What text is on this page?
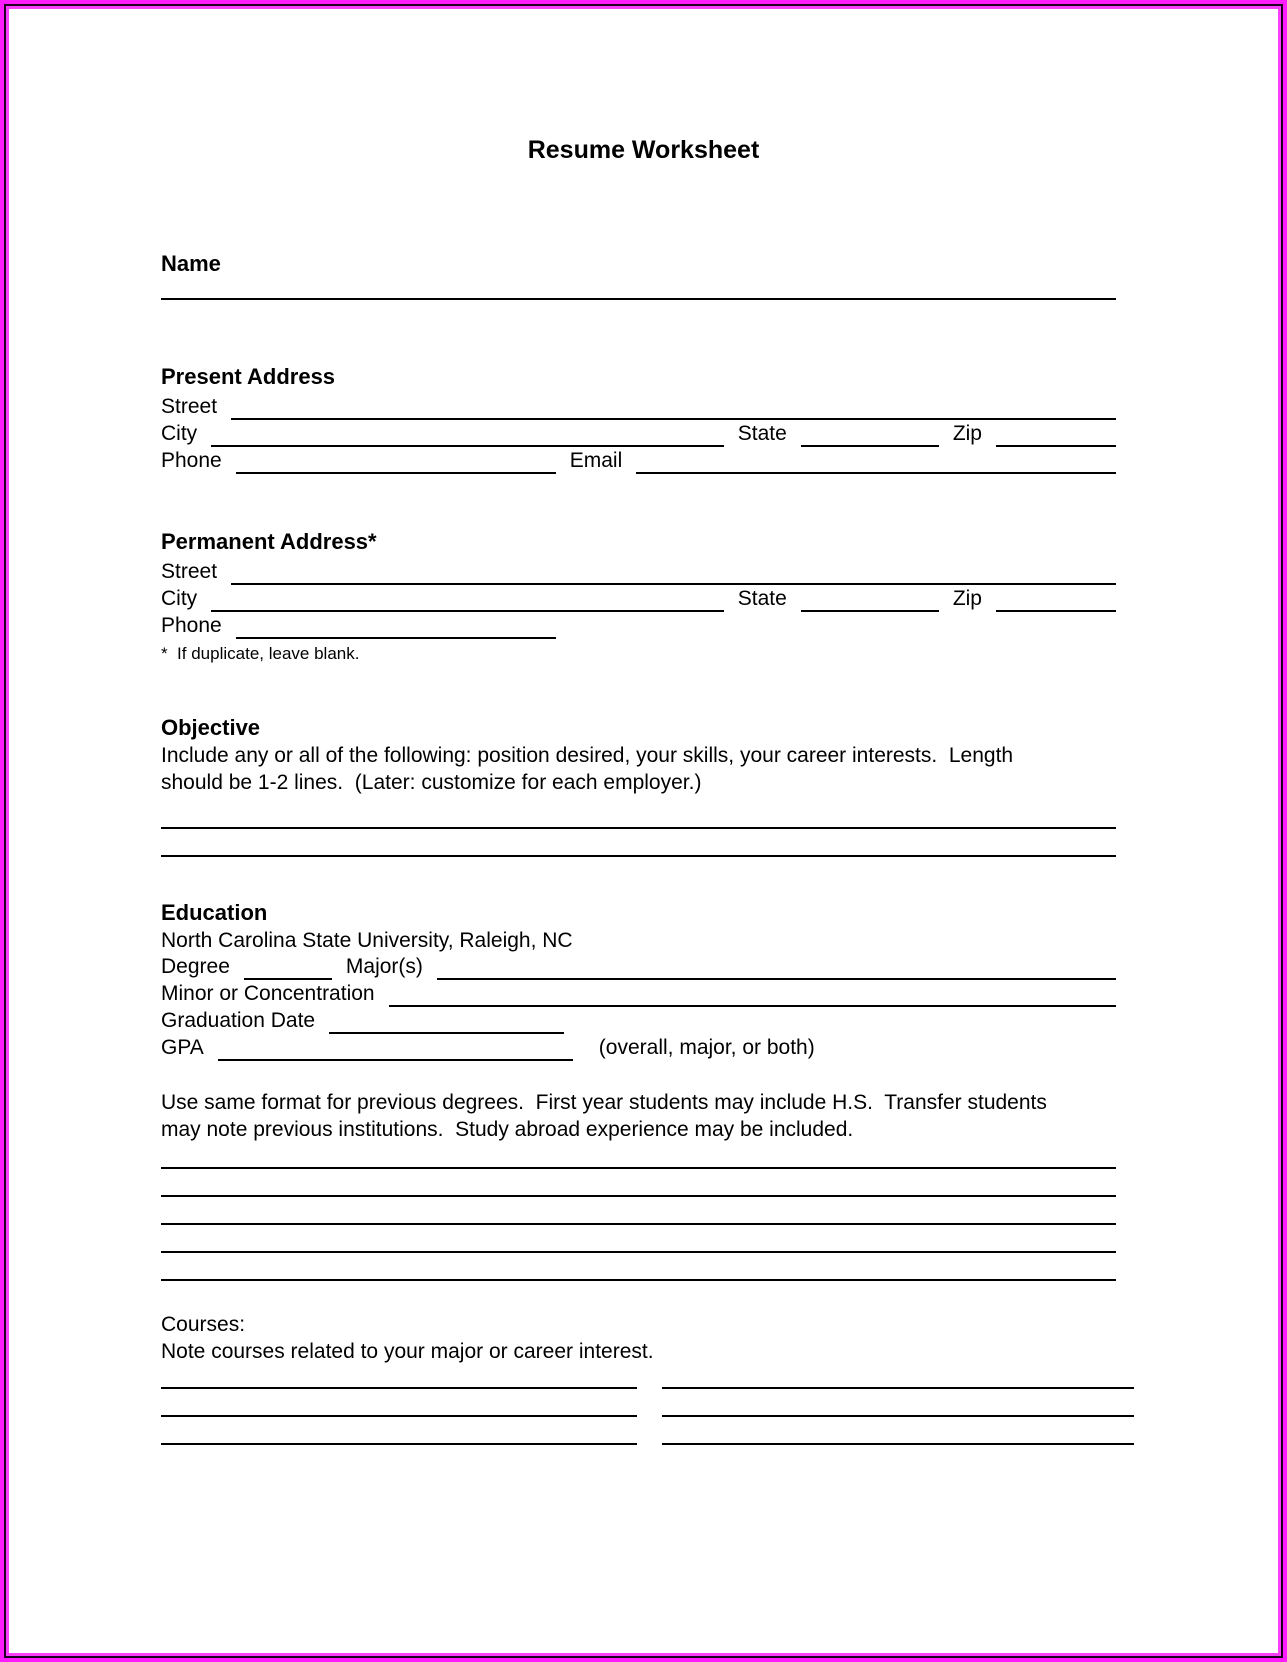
Resume Worksheet
Name
Present Address
Street
City	State	Zip
Phone	Email
Permanent Address*
Street
City	State	Zip
Phone
*  If duplicate, leave blank.
Objective
Include any or all of the following: position desired, your skills, your career interests.  Length
should be 1-2 lines.  (Later: customize for each employer.)
Education
North Carolina State University, Raleigh, NC
Degree	Major(s)
Minor or Concentration
Graduation Date
GPA	(overall, major, or both)
Use same format for previous degrees.  First year students may include H.S.  Transfer students
may note previous institutions.  Study abroad experience may be included.
Courses:
Note courses related to your major or career interest.
